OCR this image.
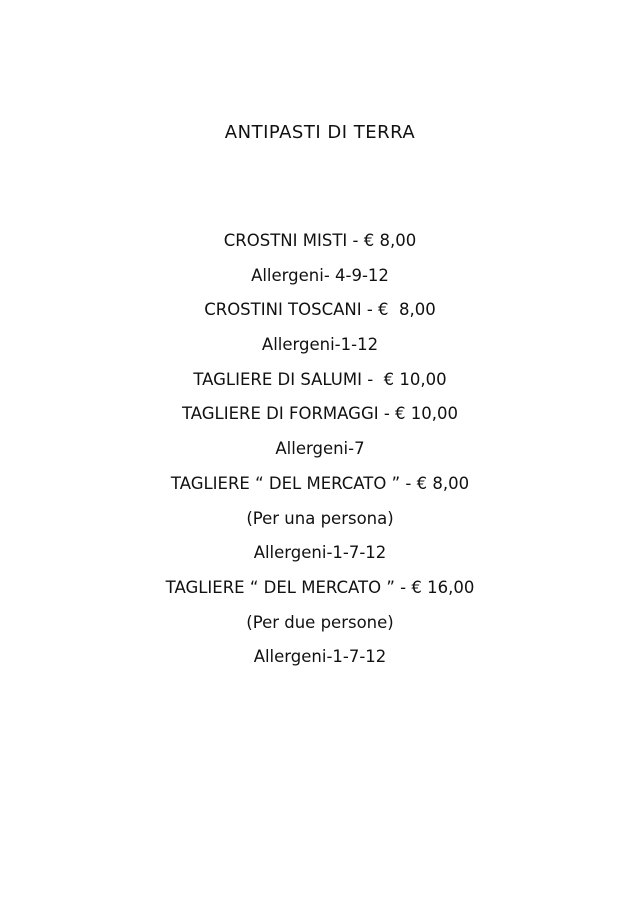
ANTIPASTI DI TERRA
CROSTNI MISTI - € 8,00
Allergeni- 4-9-12
CROSTINI TOSCANI - €  8,00
Allergeni-1-12
TAGLIERE DI SALUMI -  € 10,00
TAGLIERE DI FORMAGGI - € 10,00
Allergeni-7
TAGLIERE “ DEL MERCATO ” - € 8,00
(Per una persona)
Allergeni-1-7-12
TAGLIERE “ DEL MERCATO ” - € 16,00
(Per due persone)
Allergeni-1-7-12
